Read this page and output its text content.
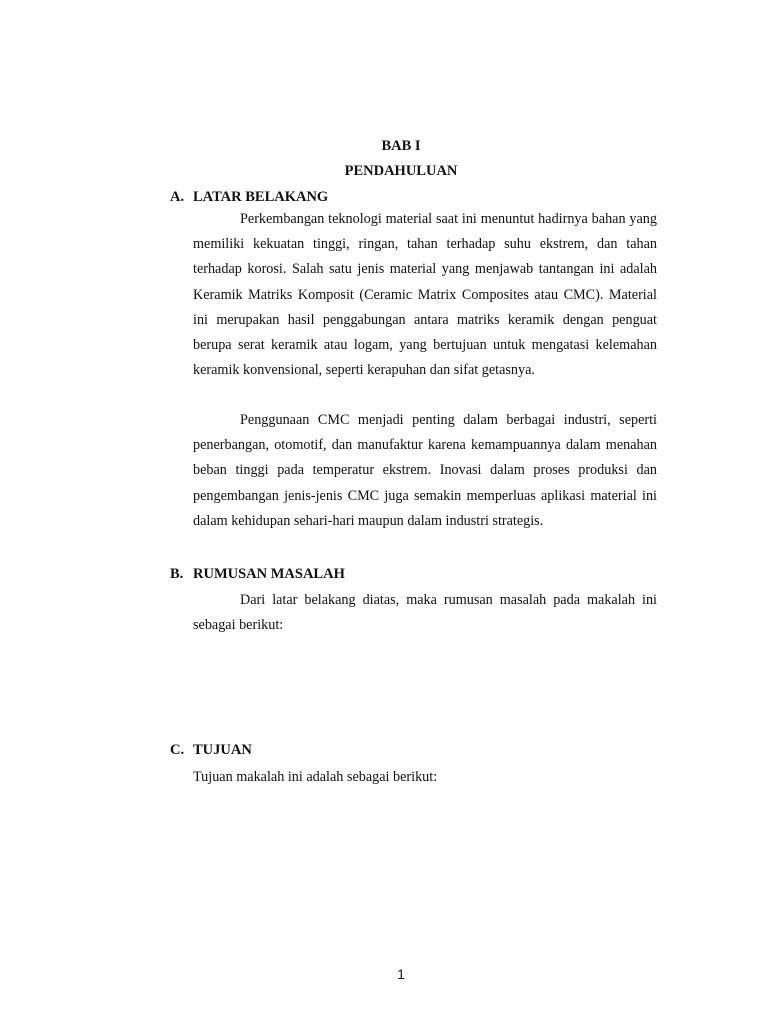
BAB I
PENDAHULUAN
A. LATAR BELAKANG

Perkembangan teknologi material saat ini menuntut hadirnya bahan yang memiliki kekuatan tinggi, ringan, tahan terhadap suhu ekstrem, dan tahan terhadap korosi. Salah satu jenis material yang menjawab tantangan ini adalah Keramik Matriks Komposit (Ceramic Matrix Composites atau CMC). Material ini merupakan hasil penggabungan antara matriks keramik dengan penguat berupa serat keramik atau logam, yang bertujuan untuk mengatasi kelemahan keramik konvensional, seperti kerapuhan dan sifat getasnya.

Penggunaan CMC menjadi penting dalam berbagai industri, seperti penerbangan, otomotif, dan manufaktur karena kemampuannya dalam menahan beban tinggi pada temperatur ekstrem. Inovasi dalam proses produksi dan pengembangan jenis-jenis CMC juga semakin memperluas aplikasi material ini dalam kehidupan sehari-hari maupun dalam industri strategis.

B. RUMUSAN MASALAH

Dari latar belakang diatas, maka rumusan masalah pada makalah ini sebagai berikut:

C. TUJUAN

Tujuan makalah ini adalah sebagai berikut:

1
